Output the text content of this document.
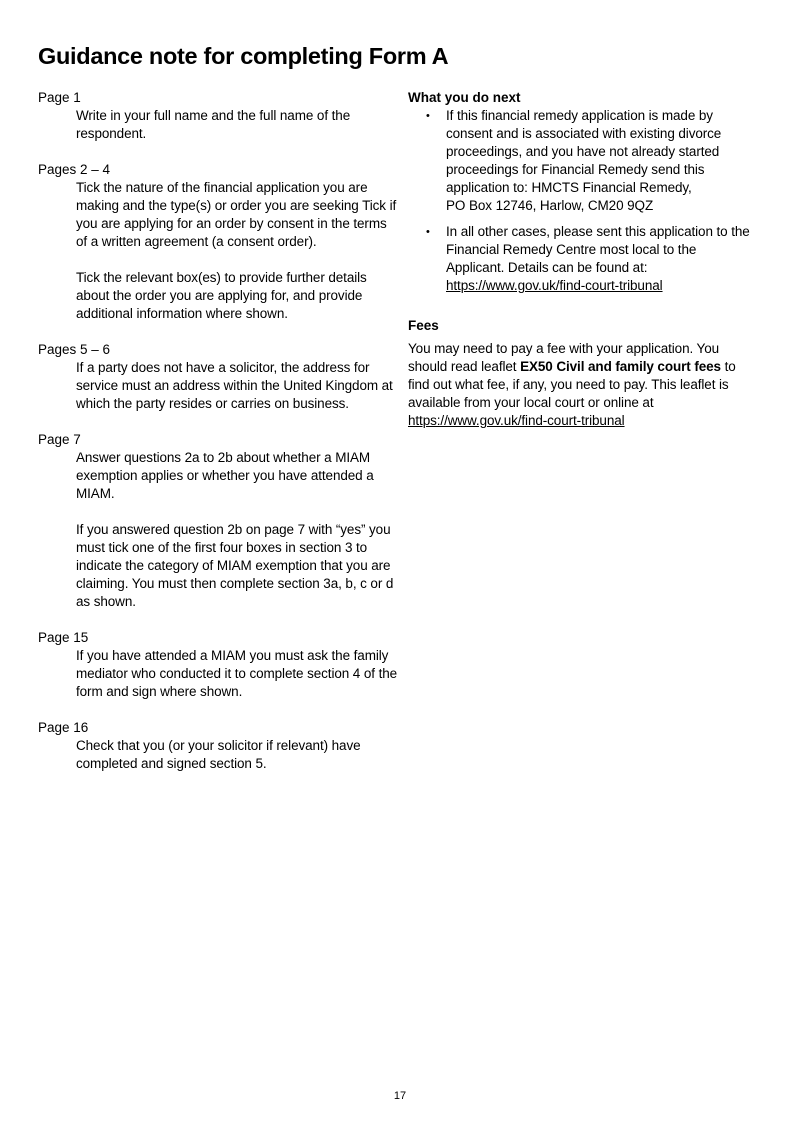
Guidance note for completing Form A
Page 1

Write in your full name and the full name of the respondent.

Pages 2 – 4

Tick the nature of the financial application you are making and the type(s) or order you are seeking Tick if you are applying for an order by consent in the terms of a written agreement (a consent order).

Tick the relevant box(es) to provide further details about the order you are applying for, and provide additional information where shown.

Pages 5 – 6

If a party does not have a solicitor, the address for service must an address within the United Kingdom at which the party resides or carries on business.

Page 7

Answer questions 2a to 2b about whether a MIAM exemption applies or whether you have attended a MIAM.

If you answered question 2b on page 7 with “yes” you must tick one of the first four boxes in section 3 to indicate the category of MIAM exemption that you are claiming. You must then complete section 3a, b, c or d as shown.

Page 15

If you have attended a MIAM you must ask the family mediator who conducted it to complete section 4 of the form and sign where shown.

Page 16

Check that you (or your solicitor if relevant) have completed and signed section 5.

What you do next
• If this financial remedy application is made by consent and is associated with existing divorce proceedings, and you have not already started proceedings for Financial Remedy send this application to: HMCTS Financial Remedy,
PO Box 12746, Harlow, CM20 9QZ
• In all other cases, please sent this application to the Financial Remedy Centre most local to the Applicant. Details can be found at:
https://www.gov.uk/find-court-tribunal
Fees
You may need to pay a fee with your application. You should read leaflet EX50 Civil and family court fees to find out what fee, if any, you need to pay. This leaflet is available from your local court or online at
https://www.gov.uk/find-court-tribunal
17
